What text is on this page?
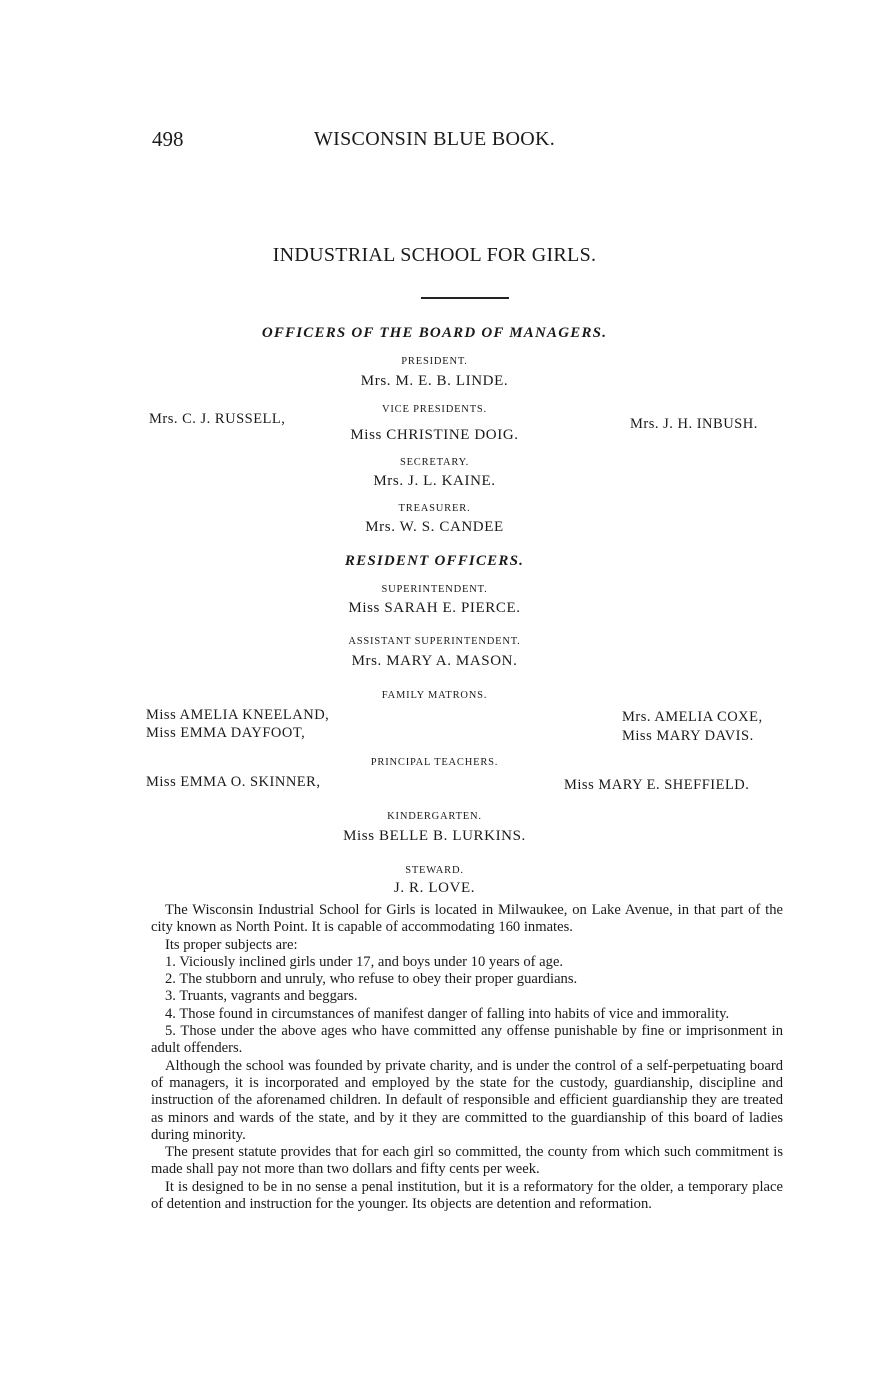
498	WISCONSIN BLUE BOOK.
INDUSTRIAL SCHOOL FOR GIRLS.
OFFICERS OF THE BOARD OF MANAGERS.
PRESIDENT.
Mrs. M. E. B. LINDE.
VICE PRESIDENTS.
Mrs. C. J. RUSSELL,
Miss CHRISTINE DOIG.
Mrs. J. H. INBUSH.
SECRETARY.
Mrs. J. L. KAINE.
TREASURER.
Mrs. W. S. CANDEE
RESIDENT OFFICERS.
SUPERINTENDENT.
Miss SARAH E. PIERCE.
ASSISTANT SUPERINTENDENT.
Mrs. MARY A. MASON.
FAMILY MATRONS.
Miss AMELIA KNEELAND,
Miss EMMA DAYFOOT,
Mrs. AMELIA COXE,
Miss MARY DAVIS.
PRINCIPAL TEACHERS.
Miss EMMA O. SKINNER,	Miss MARY E. SHEFFIELD.
KINDERGARTEN.
Miss BELLE B. LURKINS.
STEWARD.
J. R. LOVE.

The Wisconsin Industrial School for Girls is located in Milwaukee, on Lake Avenue, in that part of the city known as North Point. It is capable of accommodating 160 inmates.

Its proper subjects are:

1. Viciously inclined girls under 17, and boys under 10 years of age.

2. The stubborn and unruly, who refuse to obey their proper guardians.

3. Truants, vagrants and beggars.

4. Those found in circumstances of manifest danger of falling into habits of vice and immorality.

5. Those under the above ages who have committed any offense punishable by fine or imprisonment in adult offenders.

Although the school was founded by private charity, and is under the control of a self-perpetuating board of managers, it is incorporated and employed by the state for the custody, guardianship, discipline and instruction of the aforenamed children. In default of responsible and efficient guardianship they are treated as minors and wards of the state, and by it they are committed to the guardianship of this board of ladies during minority.

The present statute provides that for each girl so committed, the county from which such commitment is made shall pay not more than two dollars and fifty cents per week.

It is designed to be in no sense a penal institution, but it is a reformatory for the older, a temporary place of detention and instruction for the younger. Its objects are detention and reformation.
